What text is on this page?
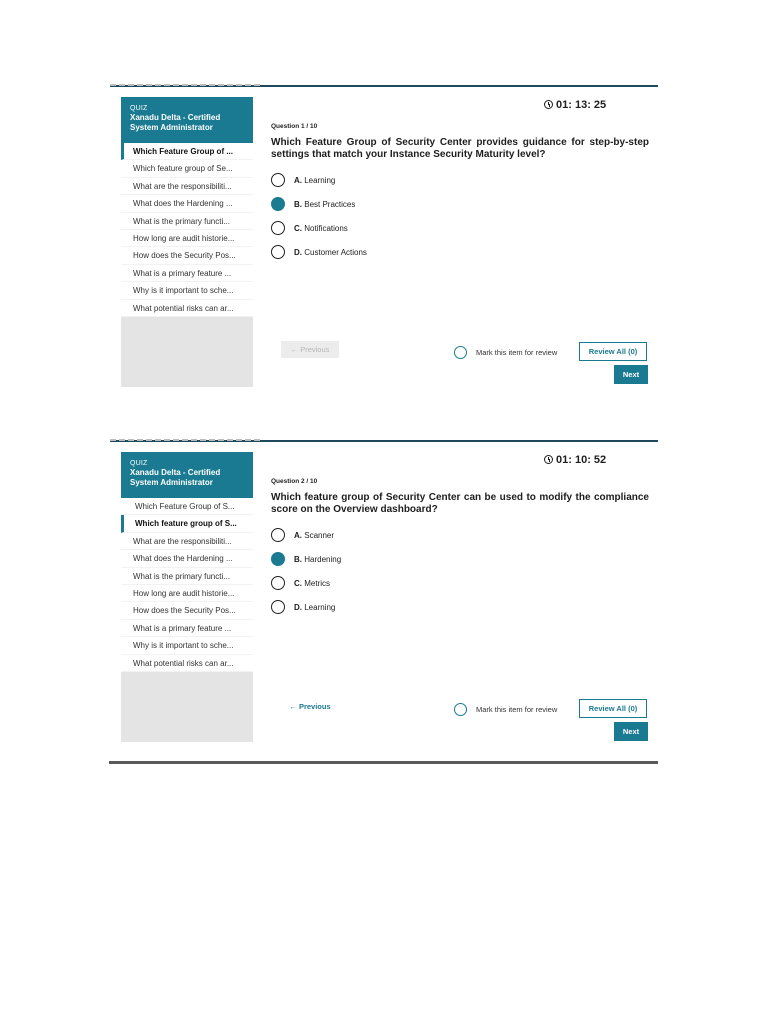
QUIZ
Xanadu Delta - Certified System Administrator
Which Feature Group of ...
Which feature group of Se...
What are the responsibiliti...
What does the Hardening ...
What is the primary functi...
How long are audit historie...
How does the Security Pos...
What is a primary feature ...
Why is it important to sche...
What potential risks can ar...
01: 13: 25
Question 1 / 10
Which Feature Group of Security Center provides guidance for step-by-step settings that match your Instance Security Maturity level?
A. Learning
B. Best Practices
C. Notifications
D. Customer Actions
← Previous	Mark this item for review	Review All (0)
Next
QUIZ
Xanadu Delta - Certified System Administrator
Which Feature Group of S...
Which feature group of S...
What are the responsibiliti...
What does the Hardening ...
What is the primary functi...
How long are audit historie...
How does the Security Pos...
What is a primary feature ...
Why is it important to sche...
What potential risks can ar...
01: 10: 52
Question 2 / 10
Which feature group of Security Center can be used to modify the compliance score on the Overview dashboard?
A. Scanner
B. Hardening
C. Metrics
D. Learning
← Previous	Mark this item for review	Review All (0)
Next
